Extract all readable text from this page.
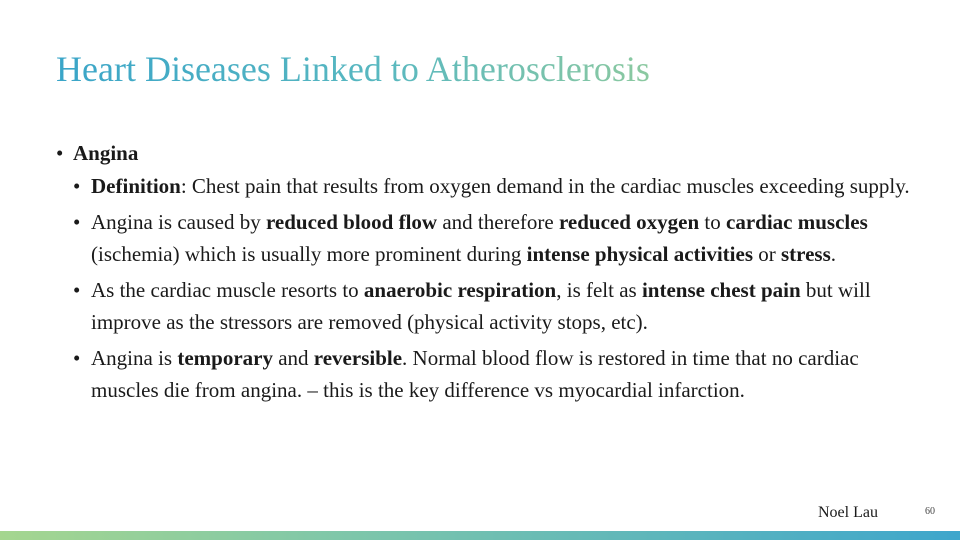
Heart Diseases Linked to Atherosclerosis
• Angina
• Definition: Chest pain that results from oxygen demand in the cardiac muscles exceeding supply.
• Angina is caused by reduced blood flow and therefore reduced oxygen to cardiac muscles (ischemia) which is usually more prominent during intense physical activities or stress.
• As the cardiac muscle resorts to anaerobic respiration, is felt as intense chest pain but will improve as the stressors are removed (physical activity stops, etc).
• Angina is temporary and reversible. Normal blood flow is restored in time that no cardiac muscles die from angina. – this is the key difference vs myocardial infarction.
Noel Lau	60
